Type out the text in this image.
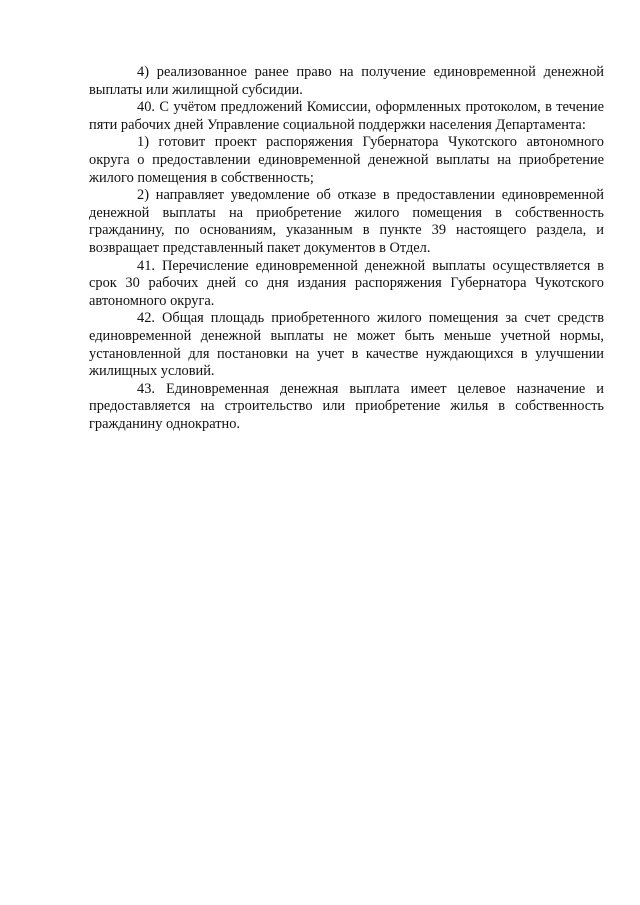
4) реализованное ранее право на получение единовременной денежной выплаты или жилищной субсидии.

40. С учётом предложений Комиссии, оформленных протоколом, в течение пяти рабочих дней Управление социальной поддержки населения Департамента:

1) готовит проект распоряжения Губернатора Чукотского автономного округа о предоставлении единовременной денежной выплаты на приобретение жилого помещения в собственность;

2) направляет уведомление об отказе в предоставлении единовременной денежной выплаты на приобретение жилого помещения в собственность гражданину, по основаниям, указанным в пункте 39 настоящего раздела, и возвращает представленный пакет документов в Отдел.

41. Перечисление единовременной денежной выплаты осуществляется в срок 30 рабочих дней со дня издания распоряжения Губернатора Чукотского автономного округа.

42. Общая площадь приобретенного жилого помещения за счет средств единовременной денежной выплаты не может быть меньше учетной нормы, установленной для постановки на учет в качестве нуждающихся в улучшении жилищных условий.

43. Единовременная денежная выплата имеет целевое назначение и предоставляется на строительство или приобретение жилья в собственность гражданину однократно.
